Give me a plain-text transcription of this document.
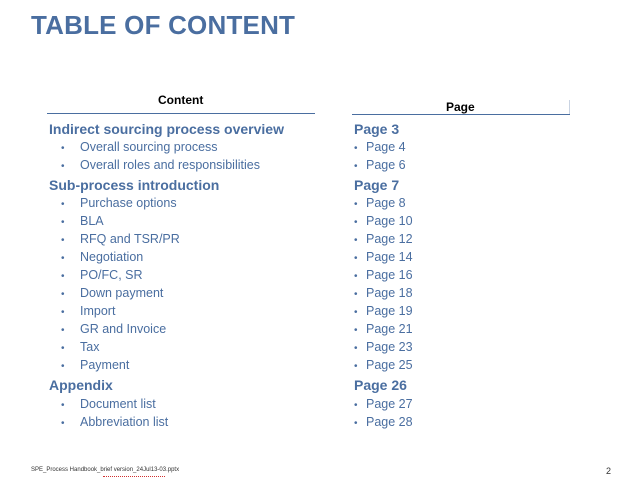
TABLE OF CONTENT
Content	Page
Indirect sourcing process overview	Page 3
• Overall sourcing process	• Page 4
• Overall roles and responsibilities	• Page 6
Sub-process introduction	Page 7
• Purchase options	• Page 8
• BLA	• Page 10
• RFQ and TSR/PR	• Page 12
• Negotiation	• Page 14
• PO/FC, SR	• Page 16
• Down payment	• Page 18
• Import	• Page 19
• GR and Invoice	• Page 21
• Tax	• Page 23
• Payment	• Page 25
Appendix	Page 26
• Document list	• Page 27
• Abbreviation list	• Page 28
SPE_Process Handbook_brief version_24Jul13-03.pptx	2
